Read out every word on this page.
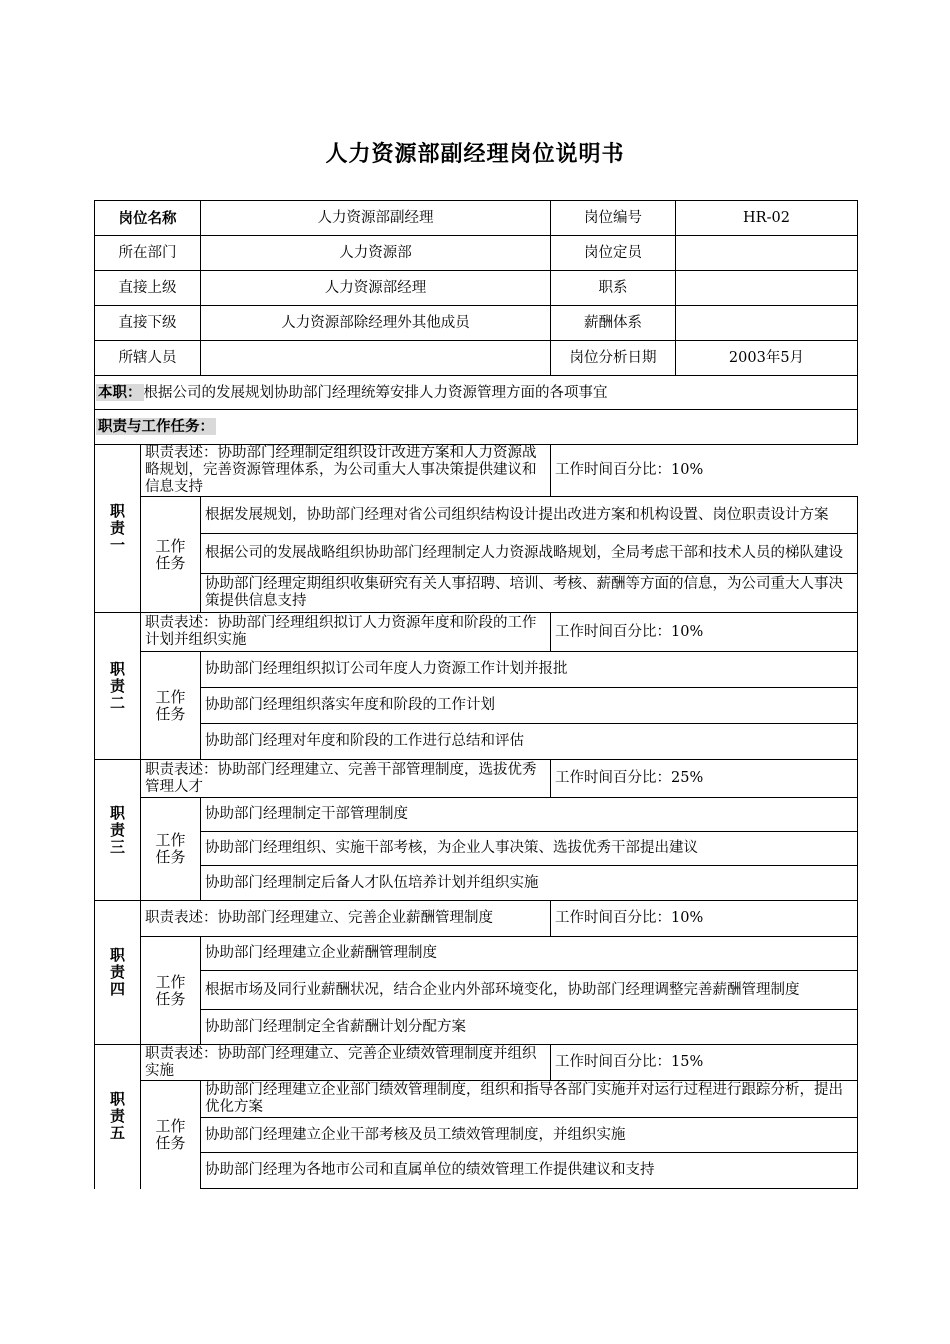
人力资源部副经理岗位说明书
岗位名称		人力资源部副经理	岗位编号	HR-02
所在部门		人力资源部	岗位定员	
直接上级		人力资源部经理	职系	
直接下级		人力资源部除经理外其他成员	薪酬体系	
所辖人员			岗位分析日期	2003年5月
本职： 根据公司的发展规划协助部门经理统筹安排人力资源管理方面的各项事宜				
职责与工作任务：				

职
责
一	职责表述：协助部门经理制定组织设计改进方案和人力资源战略规划，完善资源管理体系，为公司重大人事决策提供建议和信息支持		工作时间百分比：10%	

	工作
任务	根据发展规划，协助部门经理对省公司组织结构设计提出改进方案和机构设置、岗位职责设计方案		
		根据公司的发展战略组织协助部门经理制定人力资源战略规划，全局考虑干部和技术人员的梯队建设		
		协助部门经理定期组织收集研究有关人事招聘、培训、考核、薪酬等方面的信息，为公司重大人事决策提供信息支持		

职
责
二	职责表述：协助部门经理组织拟订人力资源年度和阶段的工作计划并组织实施		工作时间百分比：10%	

	工作
任务	协助部门经理组织拟订公司年度人力资源工作计划并报批		
		协助部门经理组织落实年度和阶段的工作计划		
		协助部门经理对年度和阶段的工作进行总结和评估		

职
责
三	职责表述：协助部门经理建立、完善干部管理制度，选拔优秀管理人才		工作时间百分比：25%	

	工作
任务	协助部门经理制定干部管理制度		
		协助部门经理组织、实施干部考核，为企业人事决策、选拔优秀干部提出建议		
		协助部门经理制定后备人才队伍培养计划并组织实施		

职
责
四	职责表述：协助部门经理建立、完善企业薪酬管理制度		工作时间百分比：10%	

	工作
任务	协助部门经理建立企业薪酬管理制度		
		根据市场及同行业薪酬状况，结合企业内外部环境变化，协助部门经理调整完善薪酬管理制度		
		协助部门经理制定全省薪酬计划分配方案		

职
责
五	职责表述：协助部门经理建立、完善企业绩效管理制度并组织实施		工作时间百分比：15%	

	工作
任务	协助部门经理建立企业部门绩效管理制度，组织和指导各部门实施并对运行过程进行跟踪分析，提出优化方案		
		协助部门经理建立企业干部考核及员工绩效管理制度，并组织实施		
		协助部门经理为各地市公司和直属单位的绩效管理工作提供建议和支持		
